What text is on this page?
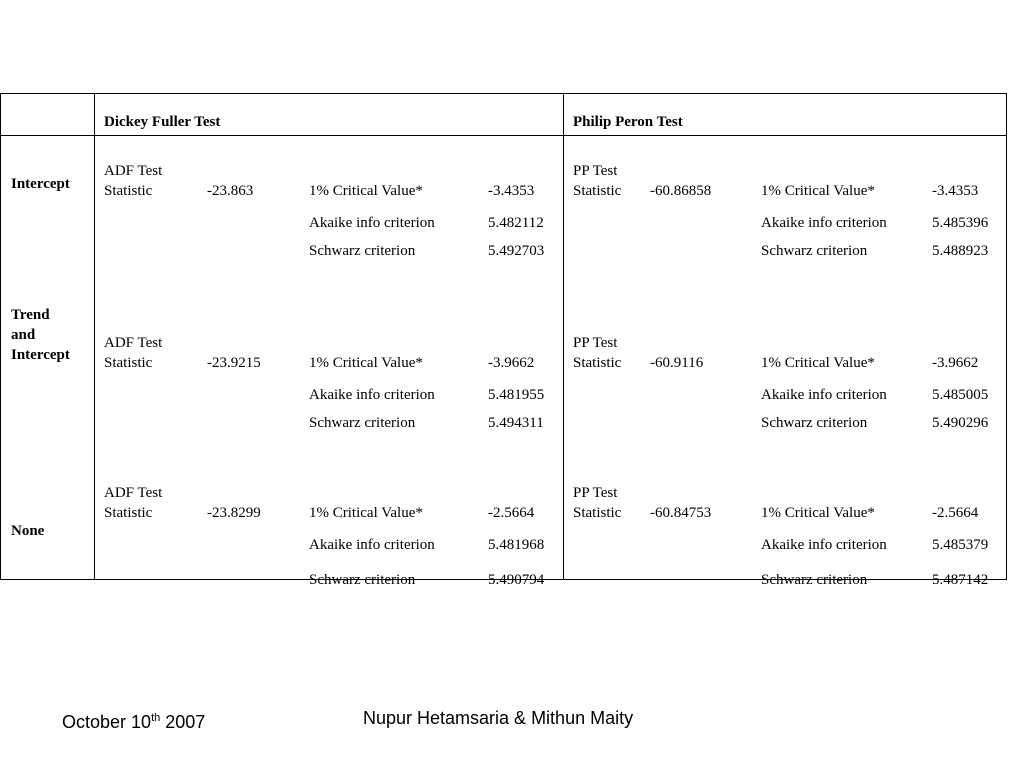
Dickey Fuller Test	Philip Peron Test
Intercept
ADF Test
Statistic	-23.863	1% Critical Value*	-3.4353
Akaike info criterion	5.482112
Schwarz criterion	5.492703
PP Test
Statistic -60.86858	1% Critical Value*	-3.4353
Akaike info criterion	5.485396
Schwarz criterion	5.488923
Trend
and
Intercept
ADF Test
Statistic	-23.9215	1% Critical Value*	-3.9662
Akaike info criterion	5.481955
Schwarz criterion	5.494311
PP Test
Statistic -60.9116	1% Critical Value*	-3.9662
Akaike info criterion	5.485005
Schwarz criterion	5.490296
None
ADF Test
Statistic	-23.8299	1% Critical Value*	-2.5664
Akaike info criterion	5.481968
Schwarz criterion	5.490794
PP Test
Statistic -60.84753	1% Critical Value*	-2.5664
Akaike info criterion	5.485379
Schwarz criterion	5.487142
October 10th 2007	Nupur Hetamsaria & Mithun Maity
